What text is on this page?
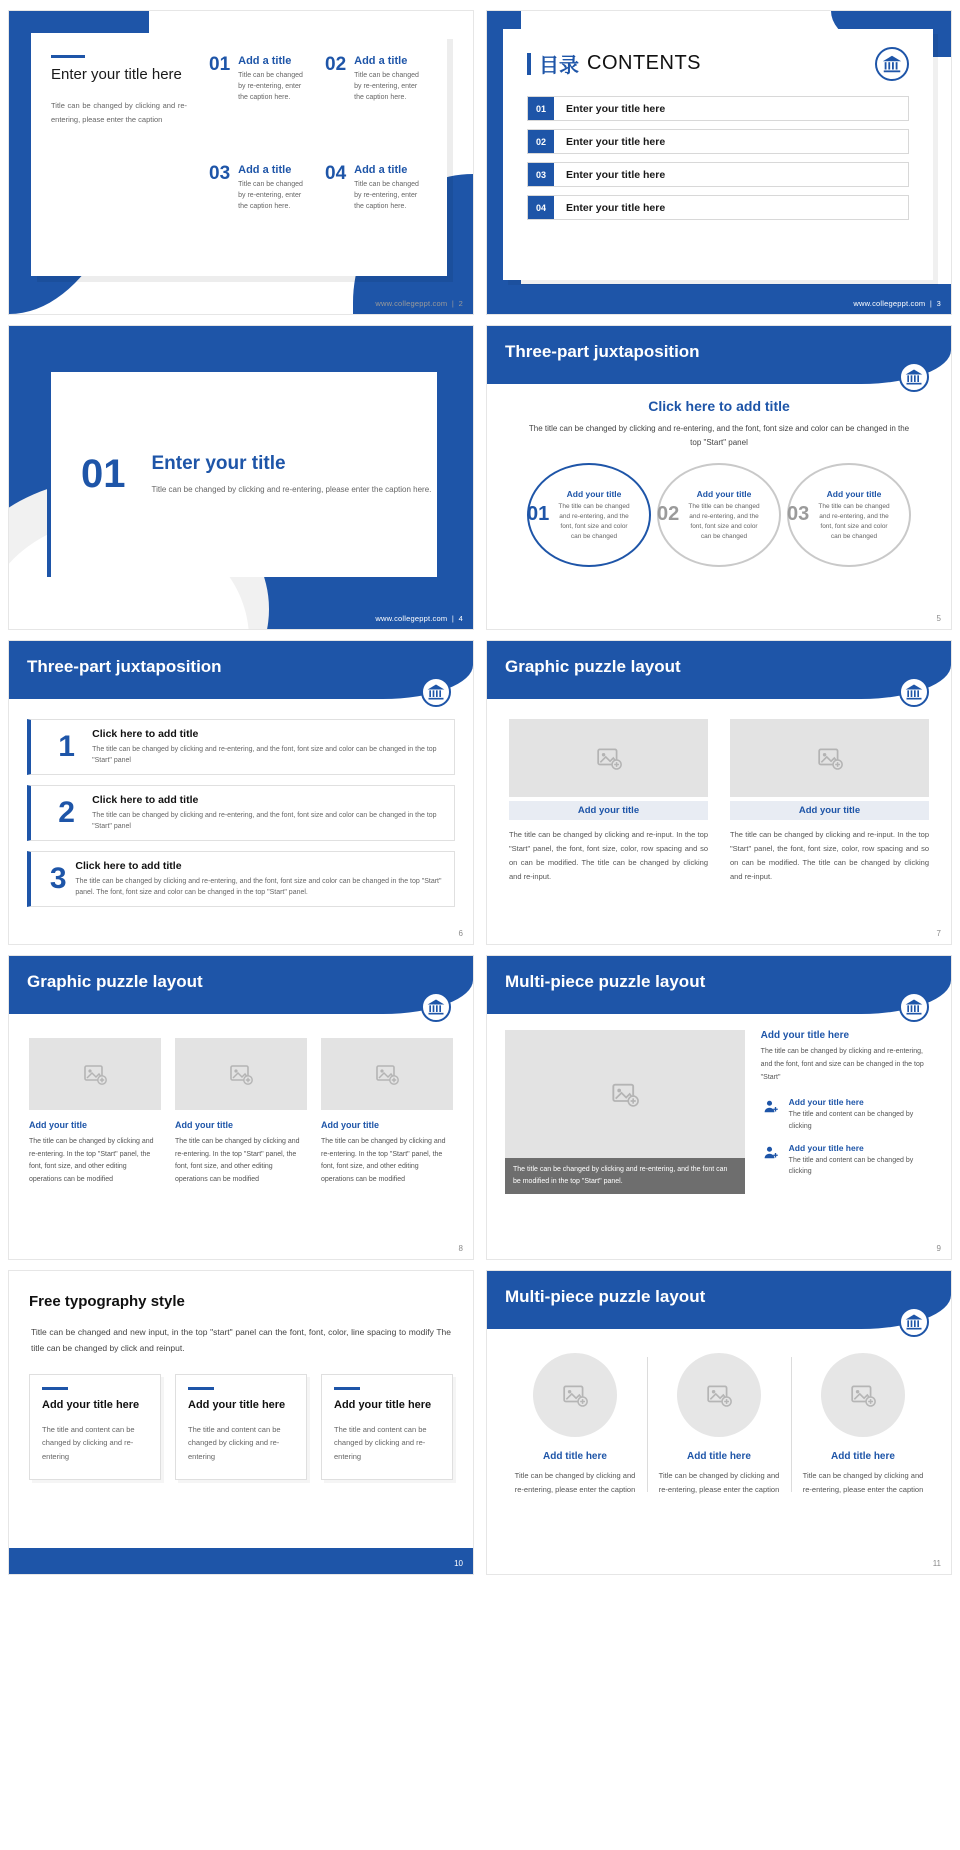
Enter your title here
Title can be changed by clicking and re-entering, please enter the caption
01 Add a title
Title can be changed by re-entering, enter the caption here.
02 Add a title
Title can be changed by re-entering, enter the caption here.
03 Add a title
Title can be changed by re-entering, enter the caption here.
04 Add a title
Title can be changed by re-entering, enter the caption here.
www.collegeppt.com  |  2
目录 CONTENTS
01	Enter your title here
02	Enter your title here
03	Enter your title here
04	Enter your title here
www.collegeppt.com  |  3
01 Enter your title
Title can be changed by clicking and re-entering, please enter the caption here.
www.collegeppt.com  |  4
Three-part juxtaposition
Click here to add title
The title can be changed by clicking and re-entering, and the font, font size and color can be changed in the top "Start" panel
01
Add your title
The title can be changed and re-entering, and the font, font size and color can be changed
02
Add your title
The title can be changed and re-entering, and the font, font size and color can be changed
03
Add your title
The title can be changed and re-entering, and the font, font size and color can be changed
5
Three-part juxtaposition
1	Click here to add title
The title can be changed by clicking and re-entering, and the font, font size and color can be changed in the top "Start" panel
2	Click here to add title
The title can be changed by clicking and re-entering, and the font, font size and color can be changed in the top "Start" panel
3 Click here to add title
The title can be changed by clicking and re-entering, and the font, font size and color can be changed in the top "Start" panel. The font, font size and color can be changed in the top "Start" panel.
6
Graphic puzzle layout
Add your title
The title can be changed by clicking and re-input. In the top "Start" panel, the font, font size, color, row spacing and so on can be modified. The title can be changed by clicking and re-input.
Add your title
The title can be changed by clicking and re-input. In the top "Start" panel, the font, font size, color, row spacing and so on can be modified. The title can be changed by clicking and re-input.
7
Graphic puzzle layout
Add your title
The title can be changed by clicking and re-entering. In the top "Start" panel, the font, font size, and other editing operations can be modified
Add your title
The title can be changed by clicking and re-entering. In the top "Start" panel, the font, font size, and other editing operations can be modified
Add your title
The title can be changed by clicking and re-entering. In the top "Start" panel, the font, font size, and other editing operations can be modified
8
Multi-piece puzzle layout
The title can be changed by clicking and re-entering, and the font can be modified in the top "Start" panel.
Add your title here
The title can be changed by clicking and re-entering, and the font, font and size can be changed in the top "Start"
Add your title here
The title and content can be changed by clicking
Add your title here
The title and content can be changed by clicking
9
Free typography style
Title can be changed and new input, in the top "start" panel can the font, font, color, line spacing to modify The title can be changed by click and reinput.
Add your title here
The title and content can be changed by clicking and re-entering
Add your title here
The title and content can be changed by clicking and re-entering
Add your title here
The title and content can be changed by clicking and re-entering
10
Multi-piece puzzle layout
Add title here
Title can be changed by clicking and re-entering, please enter the caption
Add title here
Title can be changed by clicking and re-entering, please enter the caption
Add title here
Title can be changed by clicking and re-entering, please enter the caption
11
